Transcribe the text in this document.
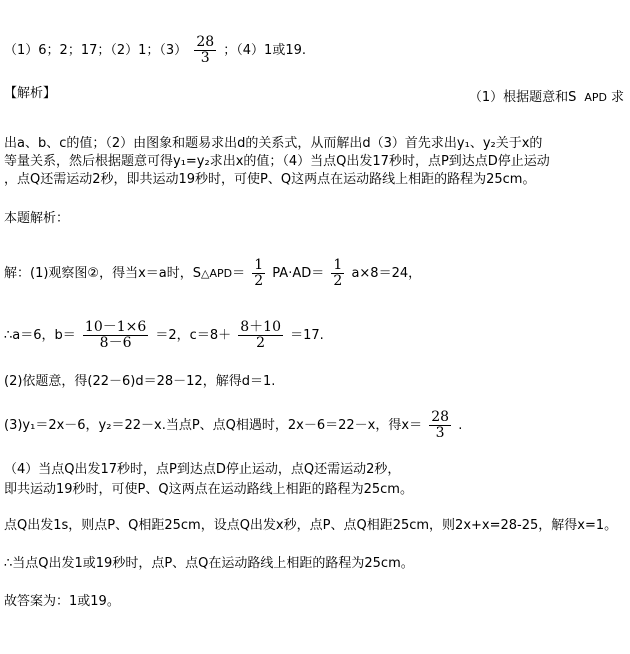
（1）6；2；17；（2）1；$(3) \frac{28}{3}$ ；（4）1或19.
【解析】	（1）根据题意和S APD 求
出a、b、c的值；（2）由图象和题易求出d的关系式，从而解出d（3）首先求出y₁、y₂关于x的
等量关系，然后根据题意可得y₁=y₂求出x的值；（4）当点Q出发17秒时，点P到达点D停止运动
，点Q还需运动2秒，即共运动19秒时，可使P、Q这两点在运动路线上相距的路程为25cm。
本题解析：
解：(1)观察图②，得当x＝a时，S△APD＝ $\frac{1}{2} PA\cdot AD= \frac{1}{2} a\times 8=24$，
∴a＝6，$b= \frac{10-1\times 6}{8-6} =2$，$c=8+ \frac{8+10}{2} =17$.
(2)依题意，得(22－6)d＝28－12，解得d＝1.
(3)y₁＝2x－6，y₂＝22－x.当点P、点Q相遇时，2x－6＝22－x，得$x= \frac{28}{3}$ .
（4）当点Q出发17秒时，点P到达点D停止运动，点Q还需运动2秒，
即共运动19秒时，可使P、Q这两点在运动路线上相距的路程为25cm。
点Q出发1s，则点P、Q相距25cm，设点Q出发x秒，点P、点Q相距25cm，则2x+x=28-25，解得x=1。
∴当点Q出发1或19秒时，点P、点Q在运动路线上相距的路程为25cm。
故答案为：1或19。
